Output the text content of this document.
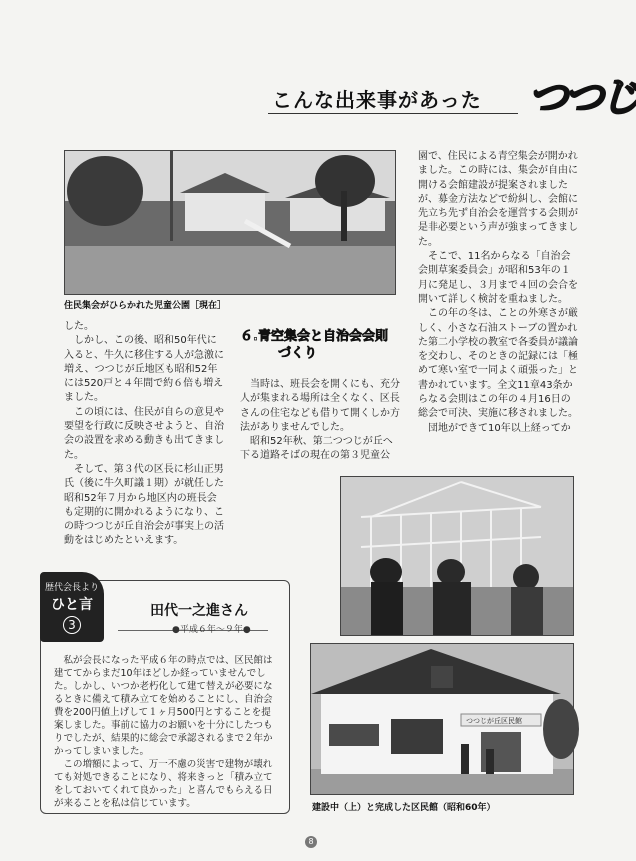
こんな出来事があった つつじ
住民集会がひらかれた児童公園［現在］

した。

しかし、この後、昭和50年代に入ると、牛久に移住する人が急激に増え、つつじが丘地区も昭和52年には520戸と４年間で約６倍も増えました。

この頃には、住民が自らの意見や要望を行政に反映させようと、自治会の設置を求める動きも出てきました。

そして、第３代の区長に杉山正男氏（後に牛久町議１期）が就任した昭和52年７月から地区内の班長会も定期的に開かれるようになり、この時つつじが丘自治会が事実上の活動をはじめたといえます。

６.青空集会と自治会会則
づくり

当時は、班長会を開くにも、充分人が集まれる場所は全くなく、区長さんの住宅なども借りて開くしか方法がありませんでした。

昭和52年秋、第二つつじが丘へ下る道路そばの現在の第３児童公

園で、住民による青空集会が開かれました。この時には、集会が自由に開ける会館建設が提案されましたが、募金方法などで紛糾し、会館に先立ち先ず自治会を運営する会則が是非必要という声が強まってきました。

そこで、11名からなる「自治会会則草案委員会」が昭和53年の１月に発足し、３月まで４回の会合を開いて詳しく検討を重ねました。

この年の冬は、ことの外寒さが厳しく、小さな石油ストーブの置かれた第二小学校の教室で各委員が議論を交わし、そのときの記録には「極めて寒い室で一同よく頑張った」と書かれています。全文11章43条からなる会則はこの年の４月16日の総会で可決、実施に移されました。

団地ができて10年以上経ってか

つつじが丘区民館
建設中（上）と完成した区民館（昭和60年）
歴代会長より
ひと言
3
田代一之進さん
●平成６年～９年●

私が会長になった平成６年の時点では、区民館は建ててからまだ10年ほどしか経っていませんでした。しかし、いつか老朽化して建て替えが必要になるときに備えて積み立てを始めることにし、自治会費を200円値上げして１ヶ月500円とすることを提案しました。事前に協力のお願いを十分にしたつもりでしたが、結果的に総会で承認されるまで２年かかってしまいました。

この増額によって、万一不慮の災害で建物が壊れても対処できることになり、将来きっと「積み立てをしておいてくれて良かった」と喜んでもらえる日が来ることを私は信じています。

8
